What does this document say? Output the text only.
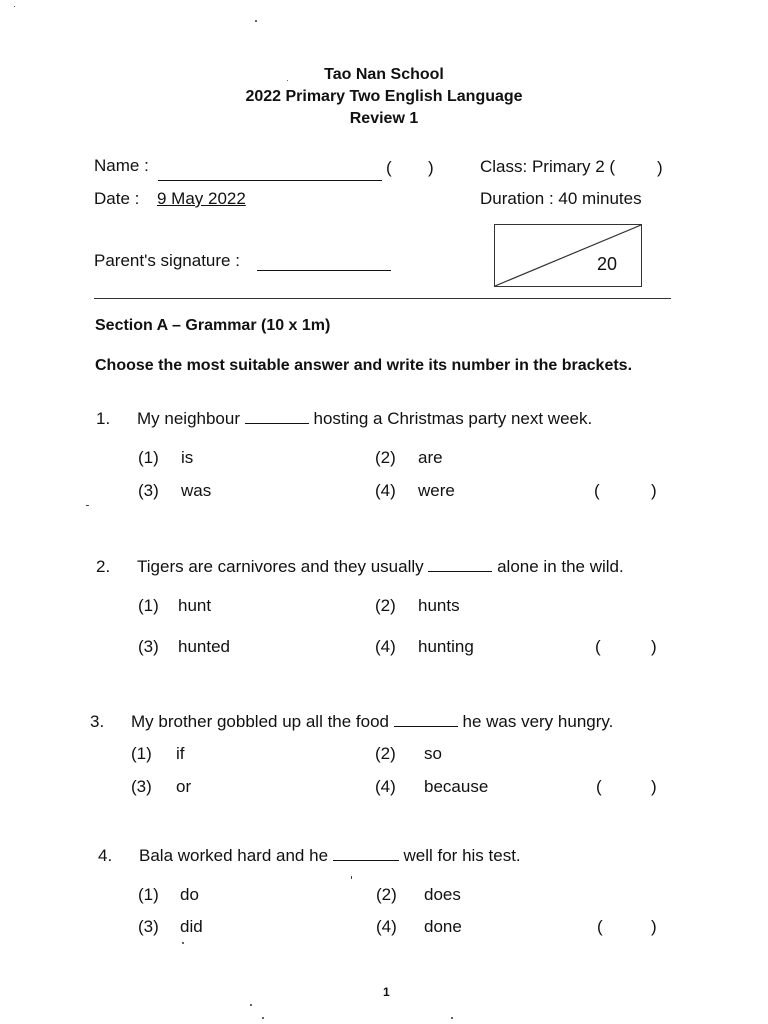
Tao Nan School
2022 Primary Two English Language
Review 1
Name :	( )	Class: Primary 2 ( )
Date : 9 May 2022	Duration : 40 minutes
Parent's signature :	20
Section A – Grammar (10 x 1m)
Choose the most suitable answer and write its number in the brackets.
1. My neighbour	hosting a Christmas party next week.
(1) is	(2) are
(3) was	(4) were	(	)
2. Tigers are carnivores and they usually	alone in the wild.
(1) hunt	(2) hunts
(3) hunted	(4) hunting	(	)
3. My brother gobbled up all the food	he was very hungry.
(1) if	(2) so
(3) or	(4) because	(	)
4. Bala worked hard and he	well for his test.
(1) do	(2) does
(3) did	(4) done	(	)
1
